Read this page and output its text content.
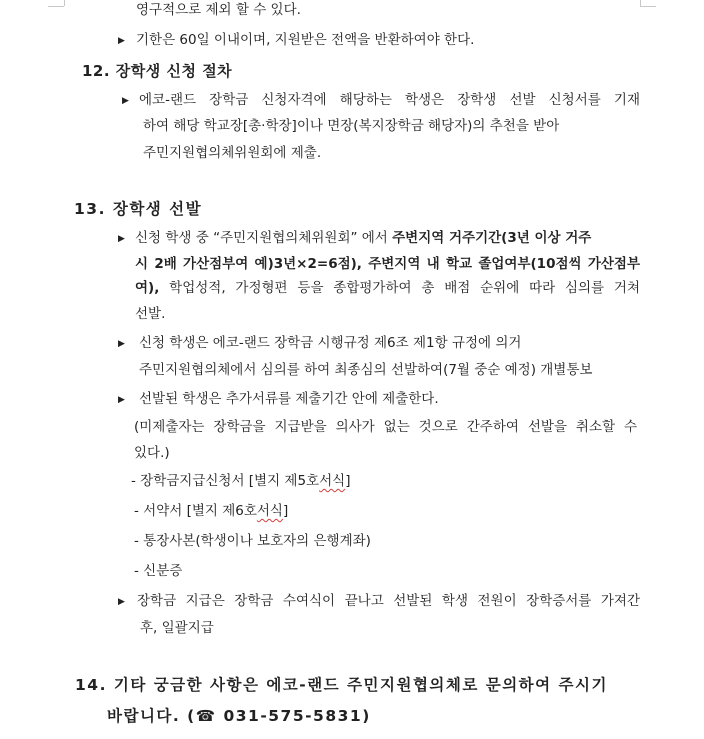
영구적으로 제외 할 수 있다.
▶ 기한은 60일 이내이며, 지원받은 전액을 반환하여야 한다.
12. 장학생 신청 절차
▶ 에코-랜드 장학금 신청자격에 해당하는 학생은 장학생 선발 신청서를 기재
하여 해당 학교장[총·학장]이나 면장(복지장학금 해당자)의 추천을 받아
주민지원협의체위원회에 제출.
13. 장학생 선발
▶ 신청 학생 중 “주민지원협의체위원회” 에서 주변지역 거주기간(3년 이상 거주
시 2배 가산점부여 예)3년×2=6점), 주변지역 내 학교 졸업여부(10점씩 가산점부
여), 학업성적, 가정형편 등을 종합평가하여 총 배점 순위에 따라 심의를 거쳐
선발.
▶ 신청 학생은 에코-랜드 장학금 시행규정 제6조 제1항 규정에 의거
주민지원협의체에서 심의를 하여 최종심의 선발하여(7월 중순 예정) 개별통보
▶ 선발된 학생은 추가서류를 제출기간 안에 제출한다.
(미제출자는 장학금을 지급받을 의사가 없는 것으로 간주하여 선발을 취소할 수
있다.)
- 장학금지급신청서 [별지 제5호서식]
- 서약서 [별지 제6호서식]
- 통장사본(학생이나 보호자의 은행계좌)
- 신분증
▶ 장학금 지급은 장학금 수여식이 끝나고 선발된 학생 전원이 장학증서를 가져간
후, 일괄지급
14. 기타 궁금한 사항은 에코-랜드 주민지원협의체로 문의하여 주시기
바랍니다. (☎ 031-575-5831)
